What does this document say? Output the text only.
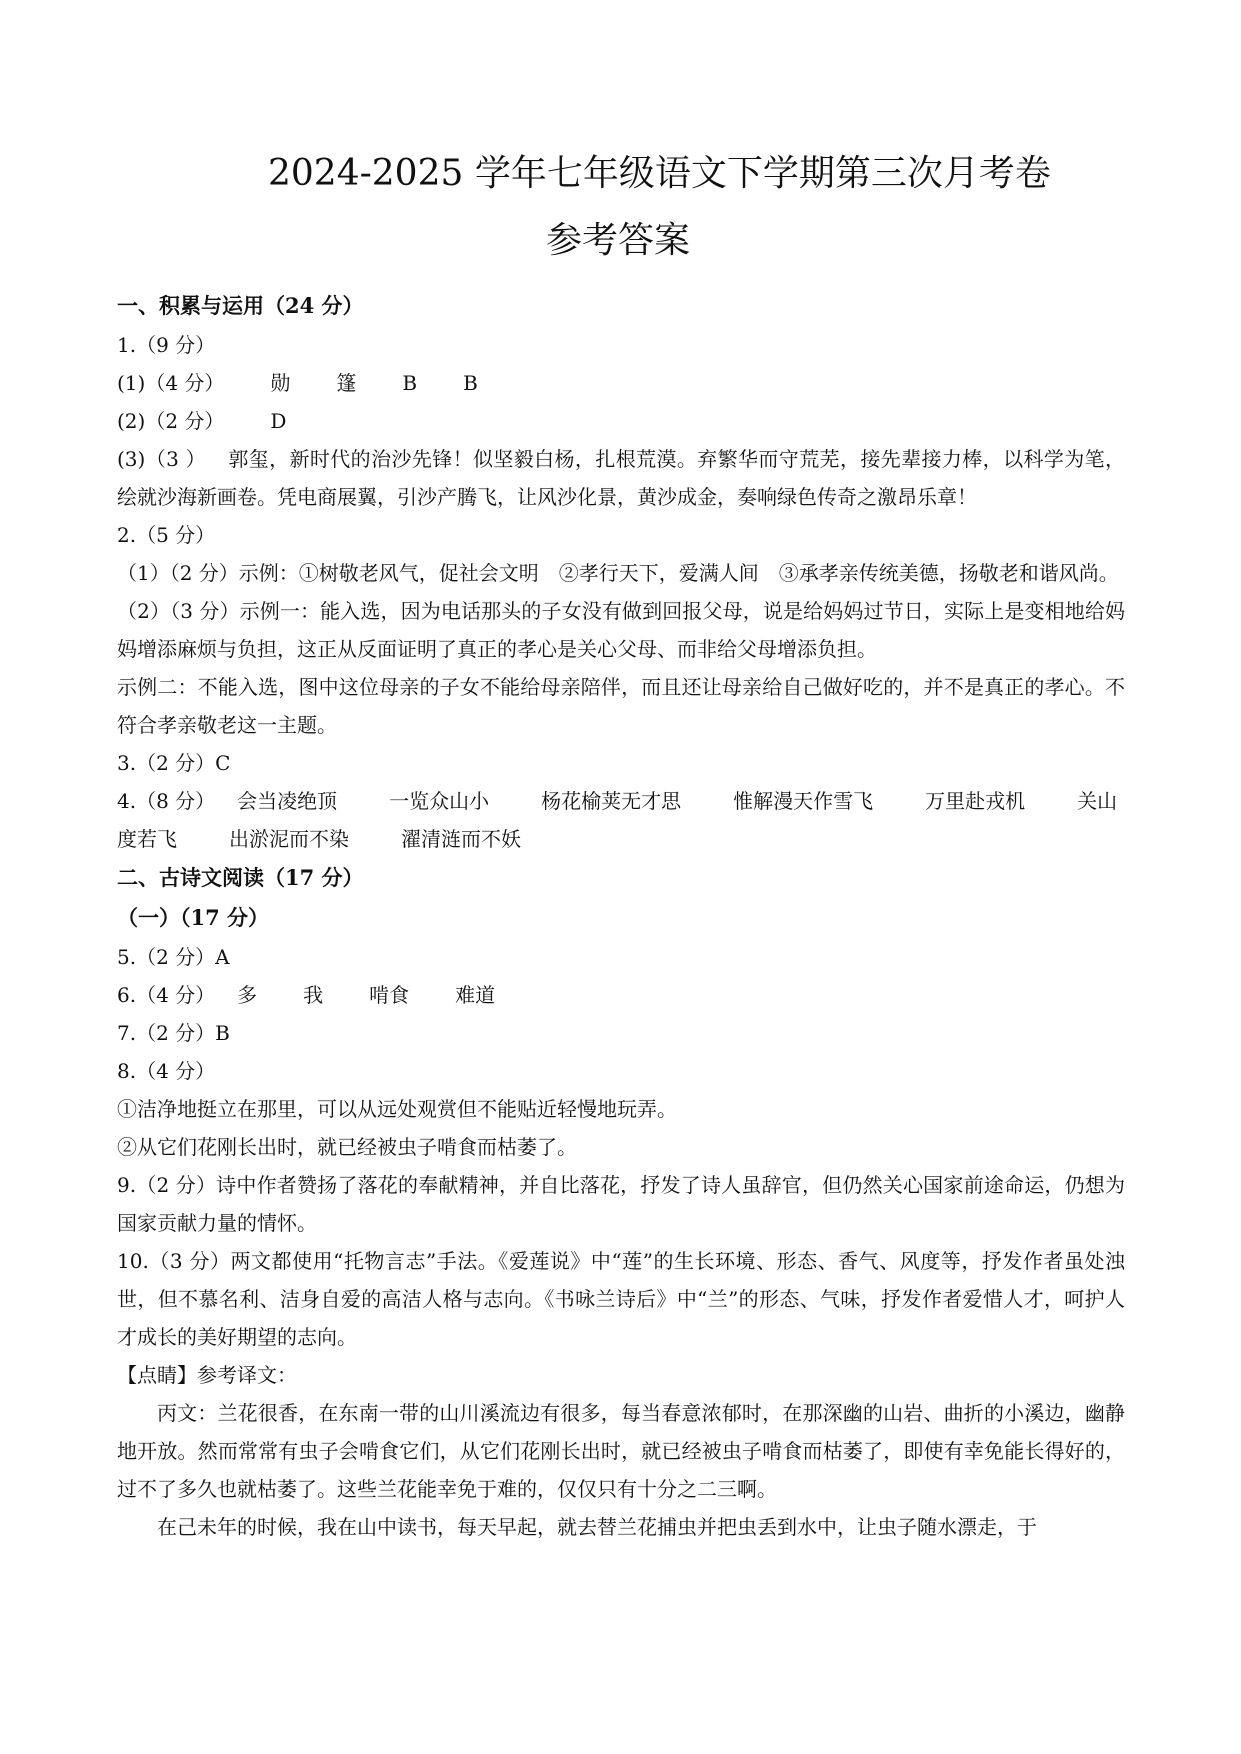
2024-2025 学年七年级语文下学期第三次月考卷
参考答案

一、积累与运用（24 分）

1.（9 分）

(1)（4 分） 勋 篷 B B

(2)（2 分） D

(3)（3 ） 郭玺，新时代的治沙先锋！似坚毅白杨，扎根荒漠。弃繁华而守荒芜，接先辈接力棒，以科学为笔，绘就沙海新画卷。凭电商展翼，引沙产腾飞，让风沙化景，黄沙成金，奏响绿色传奇之激昂乐章！

2.（5 分）

（1）（2 分）示例：①树敬老风气，促社会文明　②孝行天下，爱满人间　③承孝亲传统美德，扬敬老和谐风尚。

（2）（3 分）示例一：能入选，因为电话那头的子女没有做到回报父母，说是给妈妈过节日，实际上是变相地给妈妈增添麻烦与负担，这正从反面证明了真正的孝心是关心父母、而非给父母增添负担。

示例二：不能入选，图中这位母亲的子女不能给母亲陪伴，而且还让母亲给自己做好吃的，并不是真正的孝心。不符合孝亲敬老这一主题。

3.（2 分）C

4.（8 分） 会当凌绝顶	一览众山小	杨花榆荚无才思	惟解漫天作雪飞	万里赴戎机	关山度若飞	出淤泥而不染	濯清涟而不妖

二、古诗文阅读（17 分）

（一）（17 分）

5.（2 分）A

6.（4 分） 多 我 啃食 难道

7.（2 分）B

8.（4 分）

①洁净地挺立在那里，可以从远处观赏但不能贴近轻慢地玩弄。

②从它们花刚长出时，就已经被虫子啃食而枯萎了。

9.（2 分）诗中作者赞扬了落花的奉献精神，并自比落花，抒发了诗人虽辞官，但仍然关心国家前途命运，仍想为国家贡献力量的情怀。

10.（3 分）两文都使用“托物言志”手法。《爱莲说》中“莲”的生长环境、形态、香气、风度等，抒发作者虽处浊世，但不慕名利、洁身自爱的高洁人格与志向。《书咏兰诗后》中“兰”的形态、气味，抒发作者爱惜人才，呵护人才成长的美好期望的志向。

【点睛】参考译文：

丙文：兰花很香，在东南一带的山川溪流边有很多，每当春意浓郁时，在那深幽的山岩、曲折的小溪边，幽静地开放。然而常常有虫子会啃食它们，从它们花刚长出时，就已经被虫子啃食而枯萎了，即使有幸免能长得好的，过不了多久也就枯萎了。这些兰花能幸免于难的，仅仅只有十分之二三啊。

在己未年的时候，我在山中读书，每天早起，就去替兰花捕虫并把虫丢到水中，让虫子随水漂走，于
